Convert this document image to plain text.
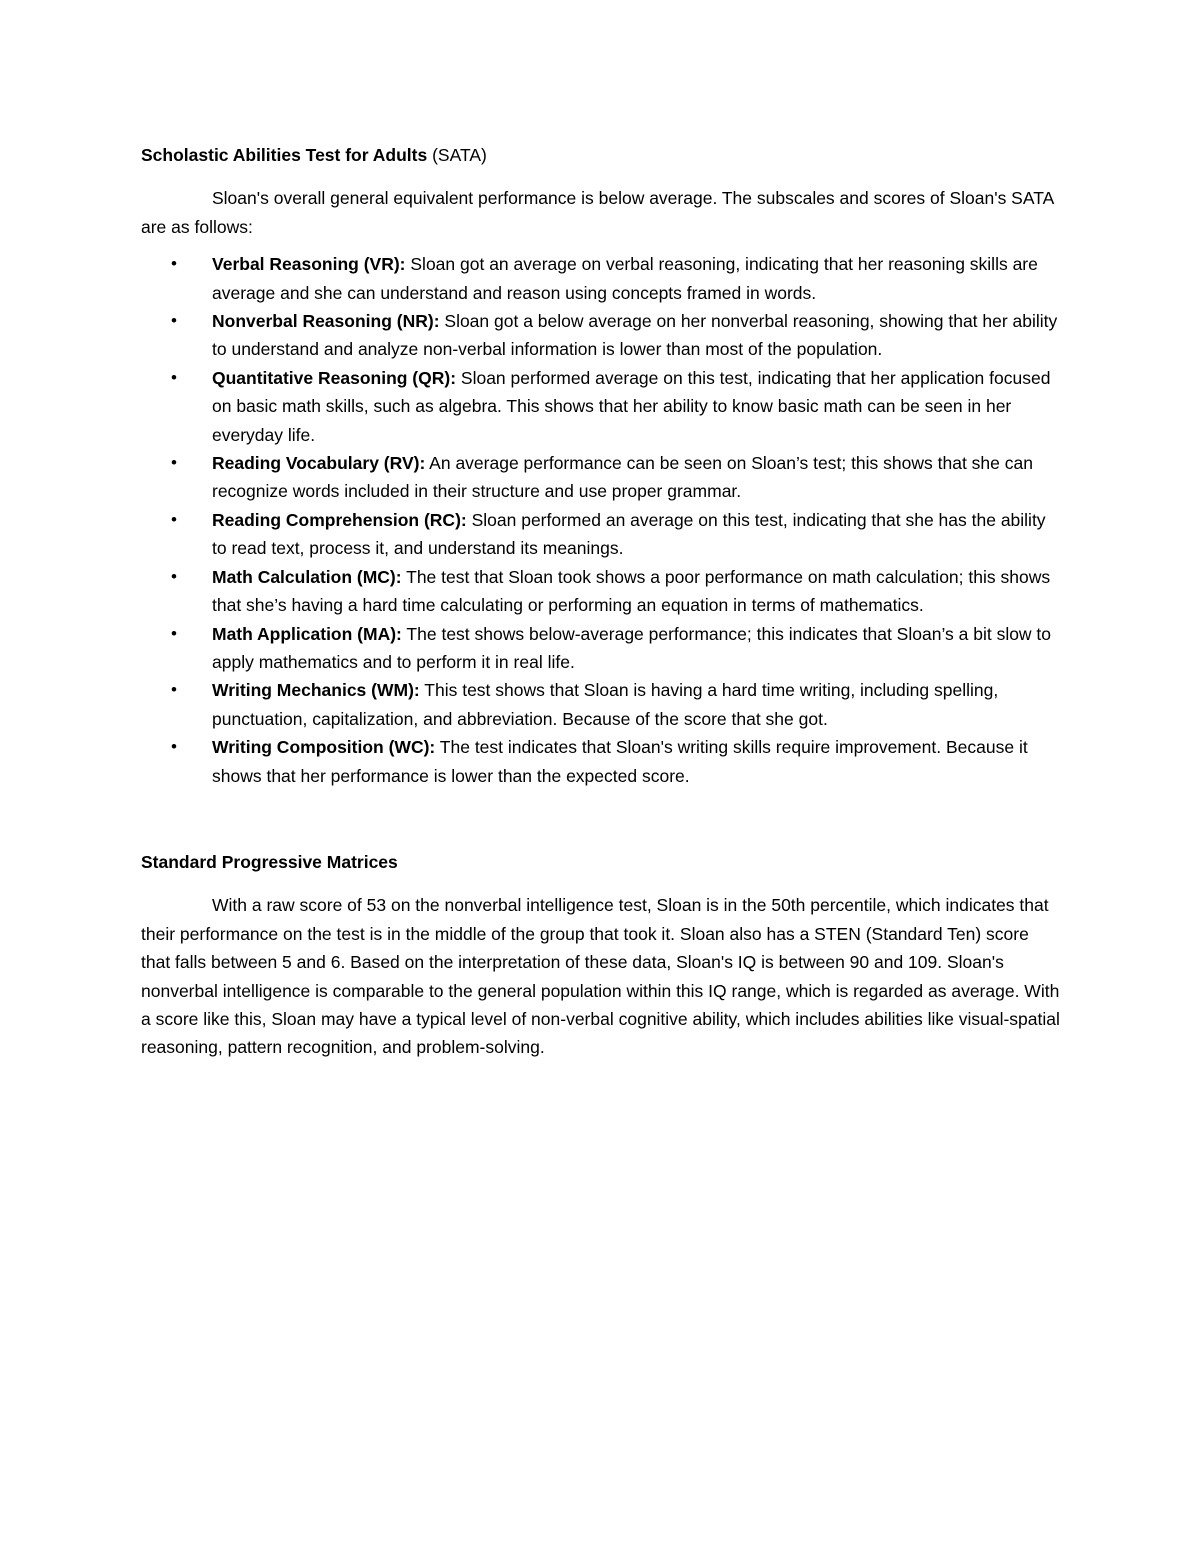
Scholastic Abilities Test for Adults (SATA)

Sloan's overall general equivalent performance is below average. The subscales and scores of Sloan's SATA are as follows:

• Verbal Reasoning (VR): Sloan got an average on verbal reasoning, indicating that her reasoning skills are average and she can understand and reason using concepts framed in words.
• Nonverbal Reasoning (NR): Sloan got a below average on her nonverbal reasoning, showing that her ability to understand and analyze non-verbal information is lower than most of the population.
• Quantitative Reasoning (QR): Sloan performed average on this test, indicating that her application focused on basic math skills, such as algebra. This shows that her ability to know basic math can be seen in her everyday life.
• Reading Vocabulary (RV): An average performance can be seen on Sloan’s test; this shows that she can recognize words included in their structure and use proper grammar.
• Reading Comprehension (RC): Sloan performed an average on this test, indicating that she has the ability to read text, process it, and understand its meanings.
• Math Calculation (MC): The test that Sloan took shows a poor performance on math calculation; this shows that she’s having a hard time calculating or performing an equation in terms of mathematics.
• Math Application (MA): The test shows below-average performance; this indicates that Sloan’s a bit slow to apply mathematics and to perform it in real life.
• Writing Mechanics (WM): This test shows that Sloan is having a hard time writing, including spelling, punctuation, capitalization, and abbreviation. Because of the score that she got.
• Writing Composition (WC): The test indicates that Sloan's writing skills require improvement. Because it shows that her performance is lower than the expected score.
Standard Progressive Matrices

With a raw score of 53 on the nonverbal intelligence test, Sloan is in the 50th percentile, which indicates that their performance on the test is in the middle of the group that took it. Sloan also has a STEN (Standard Ten) score that falls between 5 and 6. Based on the interpretation of these data, Sloan's IQ is between 90 and 109. Sloan's nonverbal intelligence is comparable to the general population within this IQ range, which is regarded as average. With a score like this, Sloan may have a typical level of non-verbal cognitive ability, which includes abilities like visual-spatial reasoning, pattern recognition, and problem-solving.
